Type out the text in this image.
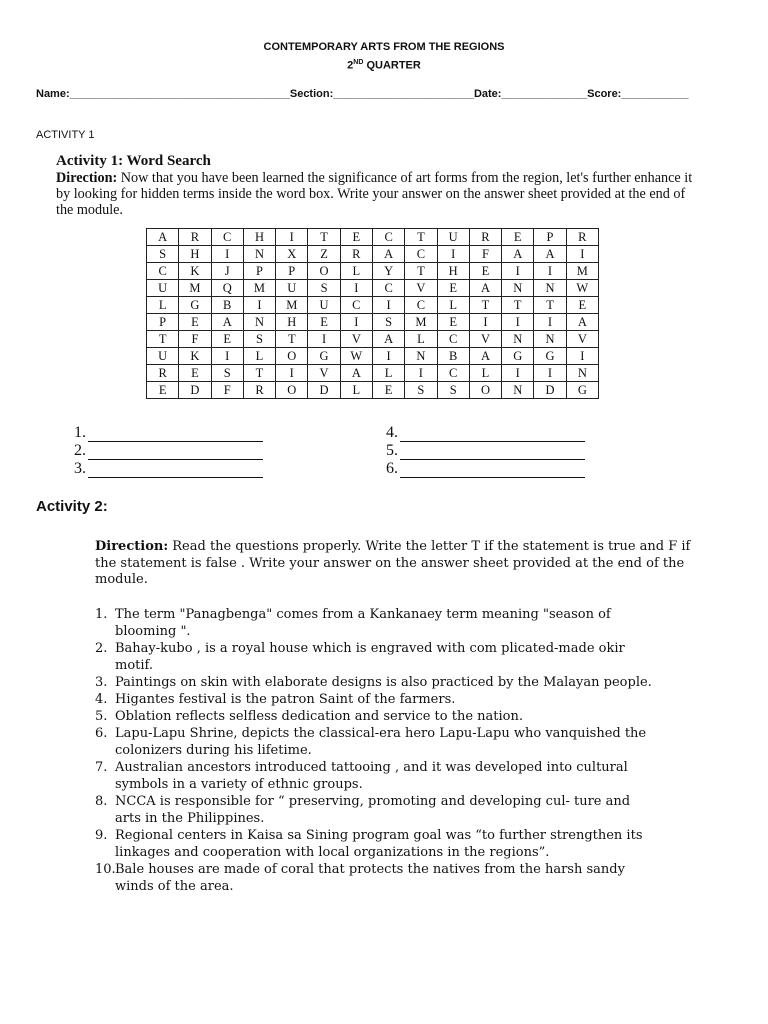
CONTEMPORARY ARTS FROM THE REGIONS
2ND QUARTER
Name:____________________________________Section:_______________________Date:______________Score:___________
ACTIVITY 1
Activity 1: Word Search
Direction: Now that you have been learned the significance of art forms from the region, let's further enhance it by looking for hidden terms inside the word box. Write your answer on the answer sheet provided at the end of the module.
A	R	C	H	I	T	E	C	T	U	R	E	P	R
S	H	I	N	X	Z	R	A	C	I	F	A	A	I
C	K	J	P	P	O	L	Y	T	H	E	I	I	M
U	M	Q	M	U	S	I	C	V	E	A	N	N	W
L	G	B	I	M	U	C	I	C	L	T	T	T	E
P	E	A	N	H	E	I	S	M	E	I	I	I	A
T	F	E	S	T	I	V	A	L	C	V	N	N	V
U	K	I	L	O	G	W	I	N	B	A	G	G	I
R	E	S	T	I	V	A	L	I	C	L	I	I	N
E	D	F	R	O	D	L	E	S	S	O	N	D	G
1.
2.
3.
4.
5.
6.
Activity 2:
Direction: Read the questions properly. Write the letter T if the statement is true and F if the statement is false . Write your answer on the answer sheet provided at the end of the module.
1. The term "Panagbenga" comes from a Kankanaey term meaning "season of blooming ".
2. Bahay-kubo , is a royal house which is engraved with com plicated-made okir motif.
3. Paintings on skin with elaborate designs is also practiced by the Malayan people.
4. Higantes festival is the patron Saint of the farmers.
5. Oblation reflects selfless dedication and service to the nation.
6. Lapu-Lapu Shrine, depicts the classical-era hero Lapu-Lapu who vanquished the colonizers during his lifetime.
7. Australian ancestors introduced tattooing , and it was developed into cultural symbols in a variety of ethnic groups.
8. NCCA is responsible for “ preserving, promoting and developing cul- ture and arts in the Philippines.
9. Regional centers in Kaisa sa Sining program goal was “to further strengthen its linkages and cooperation with local organizations in the regions”.
10. Bale houses are made of coral that protects the natives from the harsh sandy winds of the area.
